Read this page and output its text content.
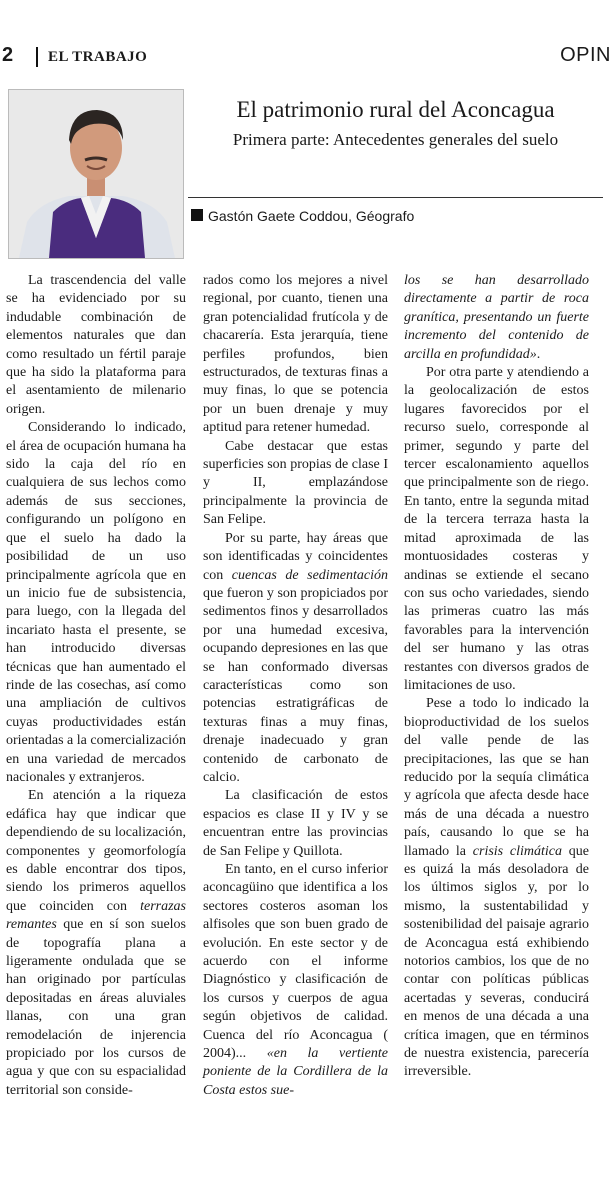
2 EL TRABAJO	OPIN
El patrimonio rural del Aconcagua
Primera parte: Antecedentes generales del suelo
Gastón Gaete Coddou, Géografo

La trascendencia del valle se ha evidenciado por su indudable combinación de elementos naturales que dan como resultado un fértil paraje que ha sido la plataforma para el asentamiento de milenario origen.

Considerando lo indicado, el área de ocupación humana ha sido la caja del río en cualquiera de sus lechos como además de sus secciones, configurando un polígono en que el suelo ha dado la posibilidad de un uso principalmente agrícola que en un inicio fue de subsistencia, para luego, con la llegada del incariato hasta el presente, se han introducido diversas técnicas que han aumentado el rinde de las cosechas, así como una ampliación de cultivos cuyas productividades están orientadas a la comercialización en una variedad de mercados nacionales y extranjeros.

En atención a la riqueza edáfica hay que indicar que dependiendo de su localización, componentes y geomorfología es dable encontrar dos tipos, siendo los primeros aquellos que coinciden con terrazas remantes que en sí son suelos de topografía plana a ligeramente ondulada que se han originado por partículas depositadas en áreas aluviales llanas, con una gran remodelación de injerencia propiciado por los cursos de agua y que con su espacialidad territorial son conside-

rados como los mejores a nivel regional, por cuanto, tienen una gran potencialidad frutícola y de chacarería. Esta jerarquía, tiene perfiles profundos, bien estructurados, de texturas finas a muy finas, lo que se potencia por un buen drenaje y muy aptitud para retener humedad.

Cabe destacar que estas superficies son propias de clase I y II, emplazándose principalmente la provincia de San Felipe.

Por su parte, hay áreas que son identificadas y coincidentes con cuencas de sedimentación que fueron y son propiciados por sedimentos finos y desarrollados por una humedad excesiva, ocupando depresiones en las que se han conformado diversas características como son potencias estratigráficas de texturas finas a muy finas, drenaje inadecuado y gran contenido de carbonato de calcio.

La clasificación de estos espacios es clase II y IV y se encuentran entre las provincias de San Felipe y Quillota.

En tanto, en el curso inferior aconcagüino que identifica a los sectores costeros asoman los alfisoles que son buen grado de evolución. En este sector y de acuerdo con el informe Diagnóstico y clasificación de los cursos y cuerpos de agua según objetivos de calidad. Cuenca del río Aconcagua ( 2004)... «en la vertiente poniente de la Cordillera de la Costa estos sue-

los se han desarrollado directamente a partir de roca granítica, presentando un fuerte incremento del contenido de arcilla en profundidad».

Por otra parte y atendiendo a la geolocalización de estos lugares favorecidos por el recurso suelo, corresponde al primer, segundo y parte del tercer escalonamiento aquellos que principalmente son de riego. En tanto, entre la segunda mitad de la tercera terraza hasta la mitad aproximada de las montuosidades costeras y andinas se extiende el secano con sus ocho variedades, siendo las primeras cuatro las más favorables para la intervención del ser humano y las otras restantes con diversos grados de limitaciones de uso.

Pese a todo lo indicado la bioproductividad de los suelos del valle pende de las precipitaciones, las que se han reducido por la sequía climática y agrícola que afecta desde hace más de una década a nuestro país, causando lo que se ha llamado la crisis climática que es quizá la más desoladora de los últimos siglos y, por lo mismo, la sustentabilidad y sostenibilidad del paisaje agrario de Aconcagua está exhibiendo notorios cambios, los que de no contar con políticas públicas acertadas y severas, conducirá en menos de una década a una crítica imagen, que en términos de nuestra existencia, parecería irreversible.
